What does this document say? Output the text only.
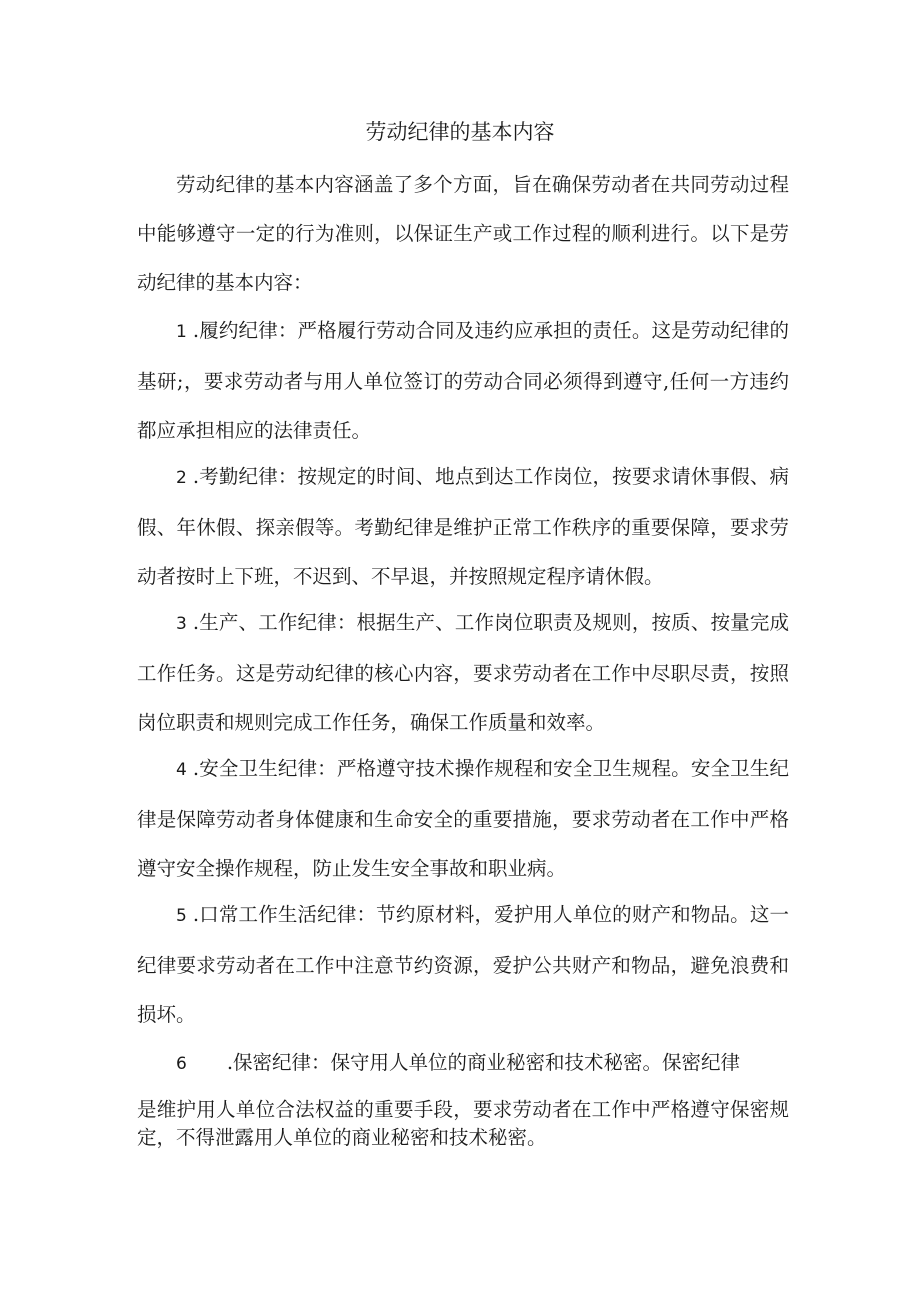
劳动纪律的基本内容

劳动纪律的基本内容涵盖了多个方面，旨在确保劳动者在共同劳动过程中能够遵守一定的行为准则，以保证生产或工作过程的顺利进行。以下是劳动纪律的基本内容：

1 .履约纪律：严格履行劳动合同及违约应承担的责任。这是劳动纪律的基研;，要求劳动者与用人单位签订的劳动合同必须得到遵守,任何一方违约都应承担相应的法律责任。

2 .考勤纪律：按规定的时间、地点到达工作岗位，按要求请休事假、病假、年休假、探亲假等。考勤纪律是维护正常工作秩序的重要保障，要求劳动者按时上下班，不迟到、不早退，并按照规定程序请休假。

3 .生产、工作纪律：根据生产、工作岗位职责及规则，按质、按量完成工作任务。这是劳动纪律的核心内容，要求劳动者在工作中尽职尽责，按照岗位职责和规则完成工作任务，确保工作质量和效率。

4 .安全卫生纪律：严格遵守技术操作规程和安全卫生规程。安全卫生纪律是保障劳动者身体健康和生命安全的重要措施，要求劳动者在工作中严格遵守安全操作规程，防止发生安全事故和职业病。

5 .口常工作生活纪律：节约原材料，爱护用人单位的财产和物品。这一纪律要求劳动者在工作中注意节约资源，爱护公共财产和物品，避免浪费和损坏。

6 .保密纪律：保守用人单位的商业秘密和技术秘密。保密纪律

是维护用人单位合法权益的重要手段，要求劳动者在工作中严格遵守保密规定，不得泄露用人单位的商业秘密和技术秘密。
